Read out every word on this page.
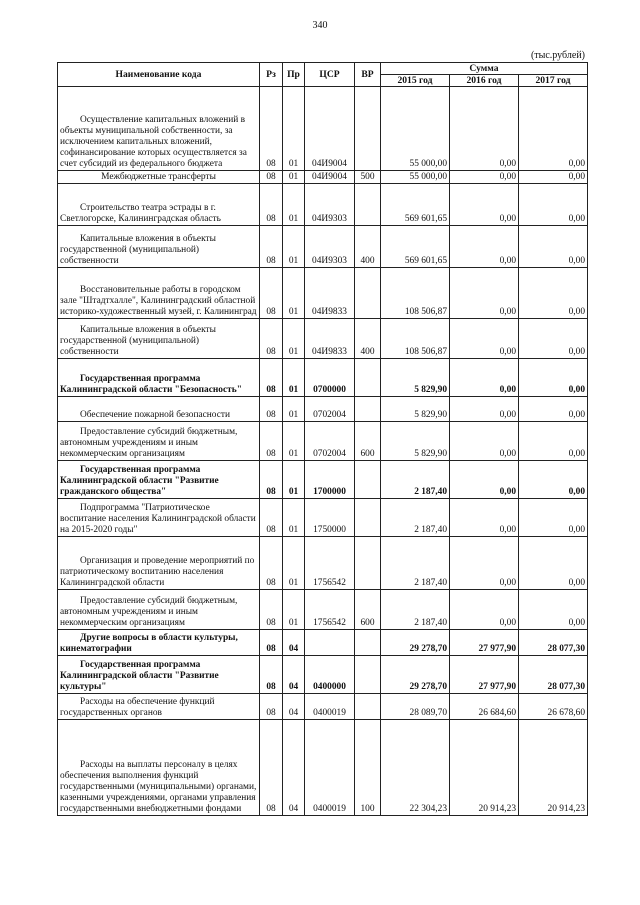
340
(тыс.рублей)
Наименование кода	Рз	Пр	ЦСР	ВР	Сумма		
					2015 год	2016 год	2017 год
Осуществление капитальных вложений в объекты муниципальной собственности, за исключением капитальных вложений, софинансирование которых осуществляется за счет субсидий из федерального бюджета	08	01	04И9004		55 000,00	0,00	0,00
Межбюджетные трансферты	08	01	04И9004	500	55 000,00	0,00	0,00
Строительство театра эстрады в г. Светлогорске, Калининградская область	08	01	04И9303		569 601,65	0,00	0,00
Капитальные вложения в объекты государственной (муниципальной) собственности	08	01	04И9303	400	569 601,65	0,00	0,00
Восстановительные работы в городском зале "Штадтхалле", Калининградский областной историко-художественный музей, г. Калининград	08	01	04И9833		108 506,87	0,00	0,00
Капитальные вложения в объекты государственной (муниципальной) собственности	08	01	04И9833	400	108 506,87	0,00	0,00
Государственная программа Калининградской области "Безопасность"	08	01	0700000		5 829,90	0,00	0,00
Обеспечение пожарной безопасности	08	01	0702004		5 829,90	0,00	0,00
Предоставление субсидий бюджетным, автономным учреждениям и иным некоммерческим организациям	08	01	0702004	600	5 829,90	0,00	0,00
Государственная программа Калининградской области "Развитие гражданского общества"	08	01	1700000		2 187,40	0,00	0,00
Подпрограмма "Патриотическое воспитание населения Калининградской области на 2015-2020 годы"	08	01	1750000		2 187,40	0,00	0,00
Организация и проведение мероприятий по патриотическому воспитанию населения Калининградской области	08	01	1756542		2 187,40	0,00	0,00
Предоставление субсидий бюджетным, автономным учреждениям и иным некоммерческим организациям	08	01	1756542	600	2 187,40	0,00	0,00
Другие вопросы в области культуры, кинематографии	08	04			29 278,70	27 977,90	28 077,30
Государственная программа Калининградской области "Развитие культуры"	08	04	0400000		29 278,70	27 977,90	28 077,30
Расходы на обеспечение функций государственных органов	08	04	0400019		28 089,70	26 684,60	26 678,60
Расходы на выплаты персоналу в целях обеспечения выполнения функций государственными (муниципальными) органами, казенными учреждениями, органами управления государственными внебюджетными фондами	08	04	0400019	100	22 304,23	20 914,23	20 914,23
